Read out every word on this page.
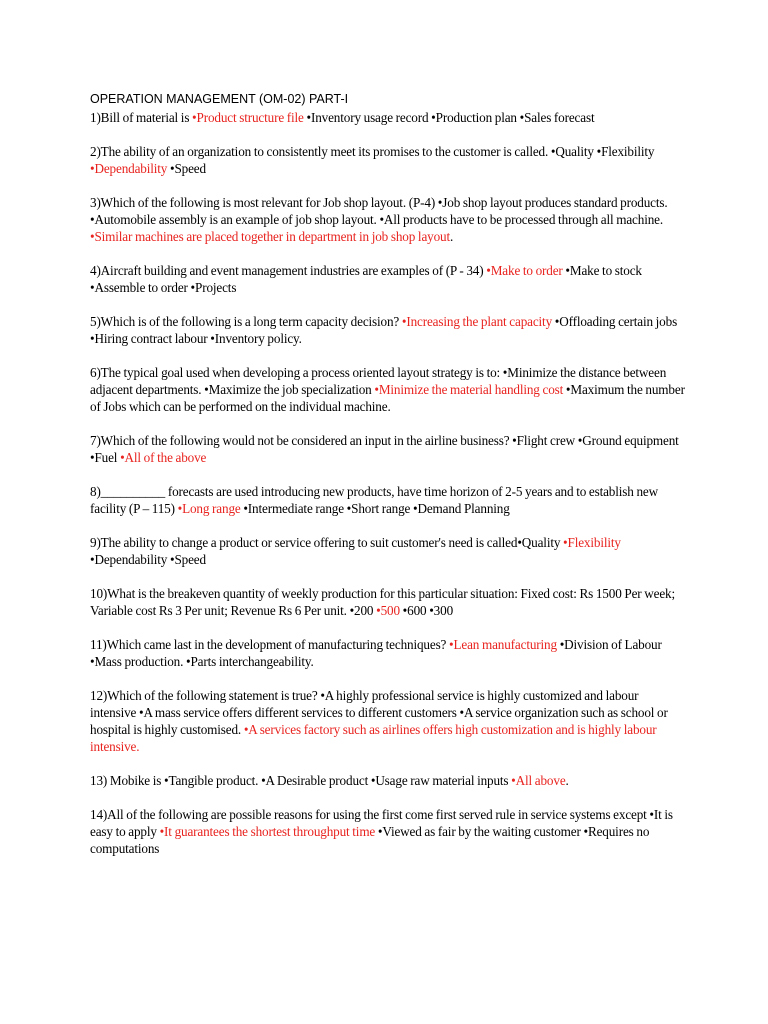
OPERATION MANAGEMENT (OM-02) PART-I

1)Bill of material is •Product structure file •Inventory usage record •Production plan •Sales forecast

2)The ability of an organization to consistently meet its promises to the customer is called. •Quality •Flexibility •Dependability •Speed

3)Which of the following is most relevant for Job shop layout. (P-4) •Job shop layout produces standard products. •Automobile assembly is an example of job shop layout. •All products have to be processed through all machine. •Similar machines are placed together in department in job shop layout.

4)Aircraft building and event management industries are examples of (P - 34) •Make to order •Make to stock •Assemble to order •Projects

5)Which is of the following is a long term capacity decision? •Increasing the plant capacity •Offloading certain jobs •Hiring contract labour •Inventory policy.

6)The typical goal used when developing a process oriented layout strategy is to: •Minimize the distance between adjacent departments. •Maximize the job specialization •Minimize the material handling cost •Maximum the number of Jobs which can be performed on the individual machine.

7)Which of the following would not be considered an input in the airline business? •Flight crew •Ground equipment •Fuel •All of the above

8)__________ forecasts are used introducing new products, have time horizon of 2-5 years and to establish new facility (P – 115) •Long range •Intermediate range •Short range •Demand Planning

9)The ability to change a product or service offering to suit customer's need is called•Quality •Flexibility •Dependability •Speed

10)What is the breakeven quantity of weekly production for this particular situation: Fixed cost: Rs 1500 Per week; Variable cost Rs 3 Per unit; Revenue Rs 6 Per unit. •200 •500 •600 •300

11)Which came last in the development of manufacturing techniques? •Lean manufacturing •Division of Labour •Mass production. •Parts interchangeability.

12)Which of the following statement is true? •A highly professional service is highly customized and labour intensive •A mass service offers different services to different customers •A service organization such as school or hospital is highly customised. •A services factory such as airlines offers high customization and is highly labour intensive.

13) Mobike is •Tangible product. •A Desirable product •Usage raw material inputs •All above.

14)All of the following are possible reasons for using the first come first served rule in service systems except •It is easy to apply •It guarantees the shortest throughput time •Viewed as fair by the waiting customer •Requires no computations
